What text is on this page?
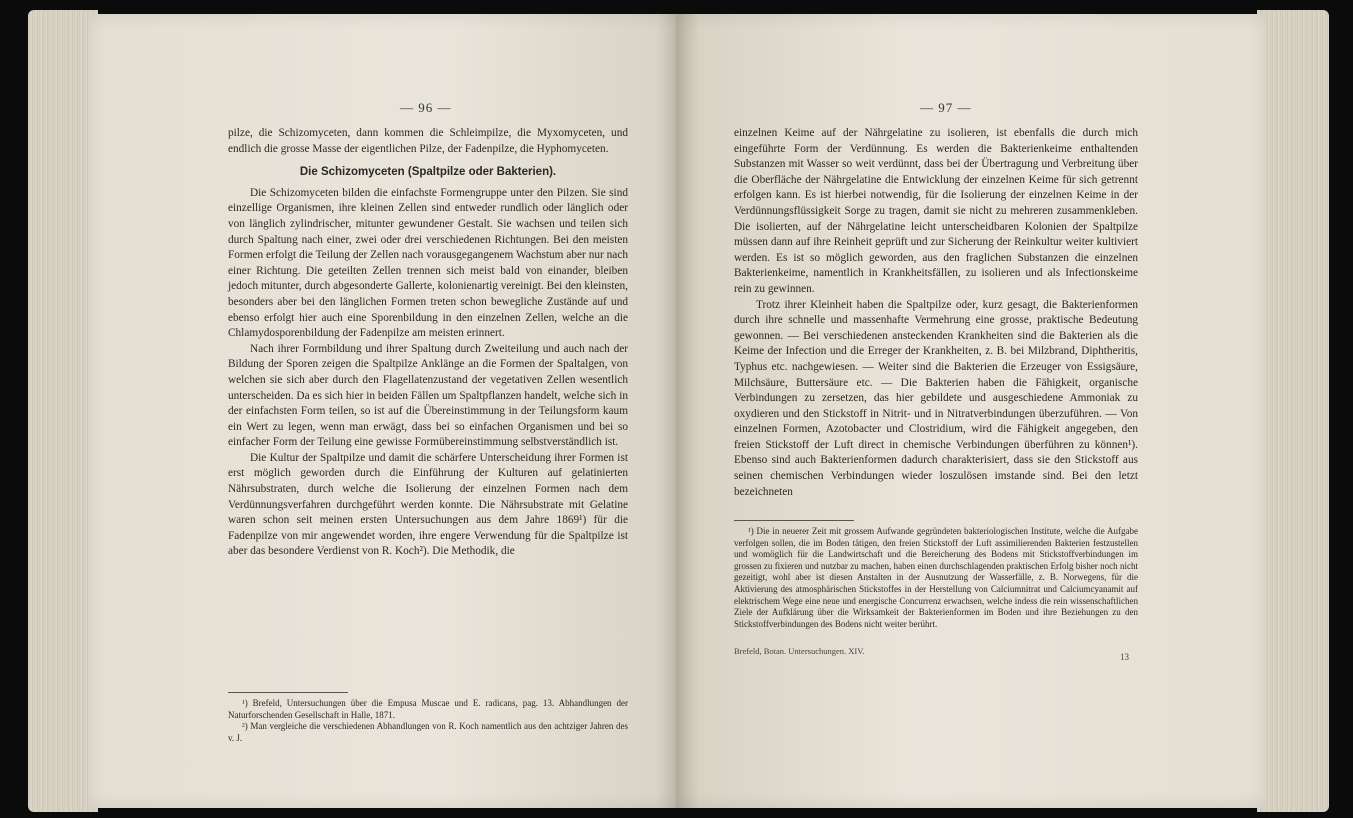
— 96 —

pilze, die Schizomyceten, dann kommen die Schleimpilze, die Myxomyceten, und endlich die grosse Masse der eigentlichen Pilze, der Fadenpilze, die Hyphomyceten.

Die Schizomyceten (Spaltpilze oder Bakterien).

Die Schizomyceten bilden die einfachste Formengruppe unter den Pilzen. Sie sind einzellige Organismen, ihre kleinen Zellen sind entweder rundlich oder länglich oder von länglich zylindrischer, mitunter gewundener Gestalt. Sie wachsen und teilen sich durch Spaltung nach einer, zwei oder drei verschiedenen Richtungen. Bei den meisten Formen erfolgt die Teilung der Zellen nach vorausgegangenem Wachstum aber nur nach einer Richtung. Die geteilten Zellen trennen sich meist bald von einander, bleiben jedoch mitunter, durch abgesonderte Gallerte, kolonienartig vereinigt. Bei den kleinsten, besonders aber bei den länglichen Formen treten schon bewegliche Zustände auf und ebenso erfolgt hier auch eine Sporenbildung in den einzelnen Zellen, welche an die Chlamydosporenbildung der Fadenpilze am meisten erinnert.

Nach ihrer Formbildung und ihrer Spaltung durch Zweiteilung und auch nach der Bildung der Sporen zeigen die Spaltpilze Anklänge an die Formen der Spaltalgen, von welchen sie sich aber durch den Flagellatenzustand der vegetativen Zellen wesentlich unterscheiden. Da es sich hier in beiden Fällen um Spaltpflanzen handelt, welche sich in der einfachsten Form teilen, so ist auf die Übereinstimmung in der Teilungsform kaum ein Wert zu legen, wenn man erwägt, dass bei so einfachen Organismen und bei so einfacher Form der Teilung eine gewisse Formübereinstimmung selbstverständlich ist.

Die Kultur der Spaltpilze und damit die schärfere Unterscheidung ihrer Formen ist erst möglich geworden durch die Einführung der Kulturen auf gelatinierten Nährsubstraten, durch welche die Isolierung der einzelnen Formen nach dem Verdünnungsverfahren durchgeführt werden konnte. Die Nährsubstrate mit Gelatine waren schon seit meinen ersten Untersuchungen aus dem Jahre 1869¹) für die Fadenpilze von mir angewendet worden, ihre engere Verwendung für die Spaltpilze ist aber das besondere Verdienst von R. Koch²). Die Methodik, die

¹) Brefeld, Untersuchungen über die Empusa Muscae und E. radicans, pag. 13. Abhandlungen der Naturforschenden Gesellschaft in Halle, 1871.

²) Man vergleiche die verschiedenen Abhandlungen von R. Koch namentlich aus den achtziger Jahren des v. J.

— 97 —

einzelnen Keime auf der Nährgelatine zu isolieren, ist ebenfalls die durch mich eingeführte Form der Verdünnung. Es werden die Bakterienkeime enthaltenden Substanzen mit Wasser so weit verdünnt, dass bei der Übertragung und Verbreitung über die Oberfläche der Nährgelatine die Entwicklung der einzelnen Keime für sich getrennt erfolgen kann. Es ist hierbei notwendig, für die Isolierung der einzelnen Keime in der Verdünnungsflüssigkeit Sorge zu tragen, damit sie nicht zu mehreren zusammenkleben. Die isolierten, auf der Nährgelatine leicht unterscheidbaren Kolonien der Spaltpilze müssen dann auf ihre Reinheit geprüft und zur Sicherung der Reinkultur weiter kultiviert werden. Es ist so möglich geworden, aus den fraglichen Substanzen die einzelnen Bakterienkeime, namentlich in Krankheitsfällen, zu isolieren und als Infectionskeime rein zu gewinnen.

Trotz ihrer Kleinheit haben die Spaltpilze oder, kurz gesagt, die Bakterienformen durch ihre schnelle und massenhafte Vermehrung eine grosse, praktische Bedeutung gewonnen. — Bei verschiedenen ansteckenden Krankheiten sind die Bakterien als die Keime der Infection und die Erreger der Krankheiten, z. B. bei Milzbrand, Diphtheritis, Typhus etc. nachgewiesen. — Weiter sind die Bakterien die Erzeuger von Essigsäure, Milchsäure, Buttersäure etc. — Die Bakterien haben die Fähigkeit, organische Verbindungen zu zersetzen, das hier gebildete und ausgeschiedene Ammoniak zu oxydieren und den Stickstoff in Nitrit- und in Nitratverbindungen überzuführen. — Von einzelnen Formen, Azotobacter und Clostridium, wird die Fähigkeit angegeben, den freien Stickstoff der Luft direct in chemische Verbindungen überführen zu können¹). Ebenso sind auch Bakterienformen dadurch charakterisiert, dass sie den Stickstoff aus seinen chemischen Verbindungen wieder loszulösen imstande sind. Bei den letzt bezeichneten

¹) Die in neuerer Zeit mit grossem Aufwande gegründeten bakteriologischen Institute, welche die Aufgabe verfolgen sollen, die im Boden tätigen, den freien Stickstoff der Luft assimilierenden Bakterien festzustellen und womöglich für die Landwirtschaft und die Bereicherung des Bodens mit Stickstoffverbindungen im grossen zu fixieren und nutzbar zu machen, haben einen durchschlagenden praktischen Erfolg bisher noch nicht gezeitigt, wohl aber ist diesen Anstalten in der Ausnutzung der Wasserfälle, z. B. Norwegens, für die Aktivierung des atmosphärischen Stickstoffes in der Herstellung von Calciumnitrat und Calciumcyanamit auf elektrischem Wege eine neue und energische Concurrenz erwachsen, welche indess die rein wissenschaftlichen Ziele der Aufklärung über die Wirksamkeit der Bakterienformen im Boden und ihre Beziehungen zu den Stickstoffverbindungen des Bodens nicht weiter berührt.

Brefeld, Botan. Untersuchungen. XIV.
13
